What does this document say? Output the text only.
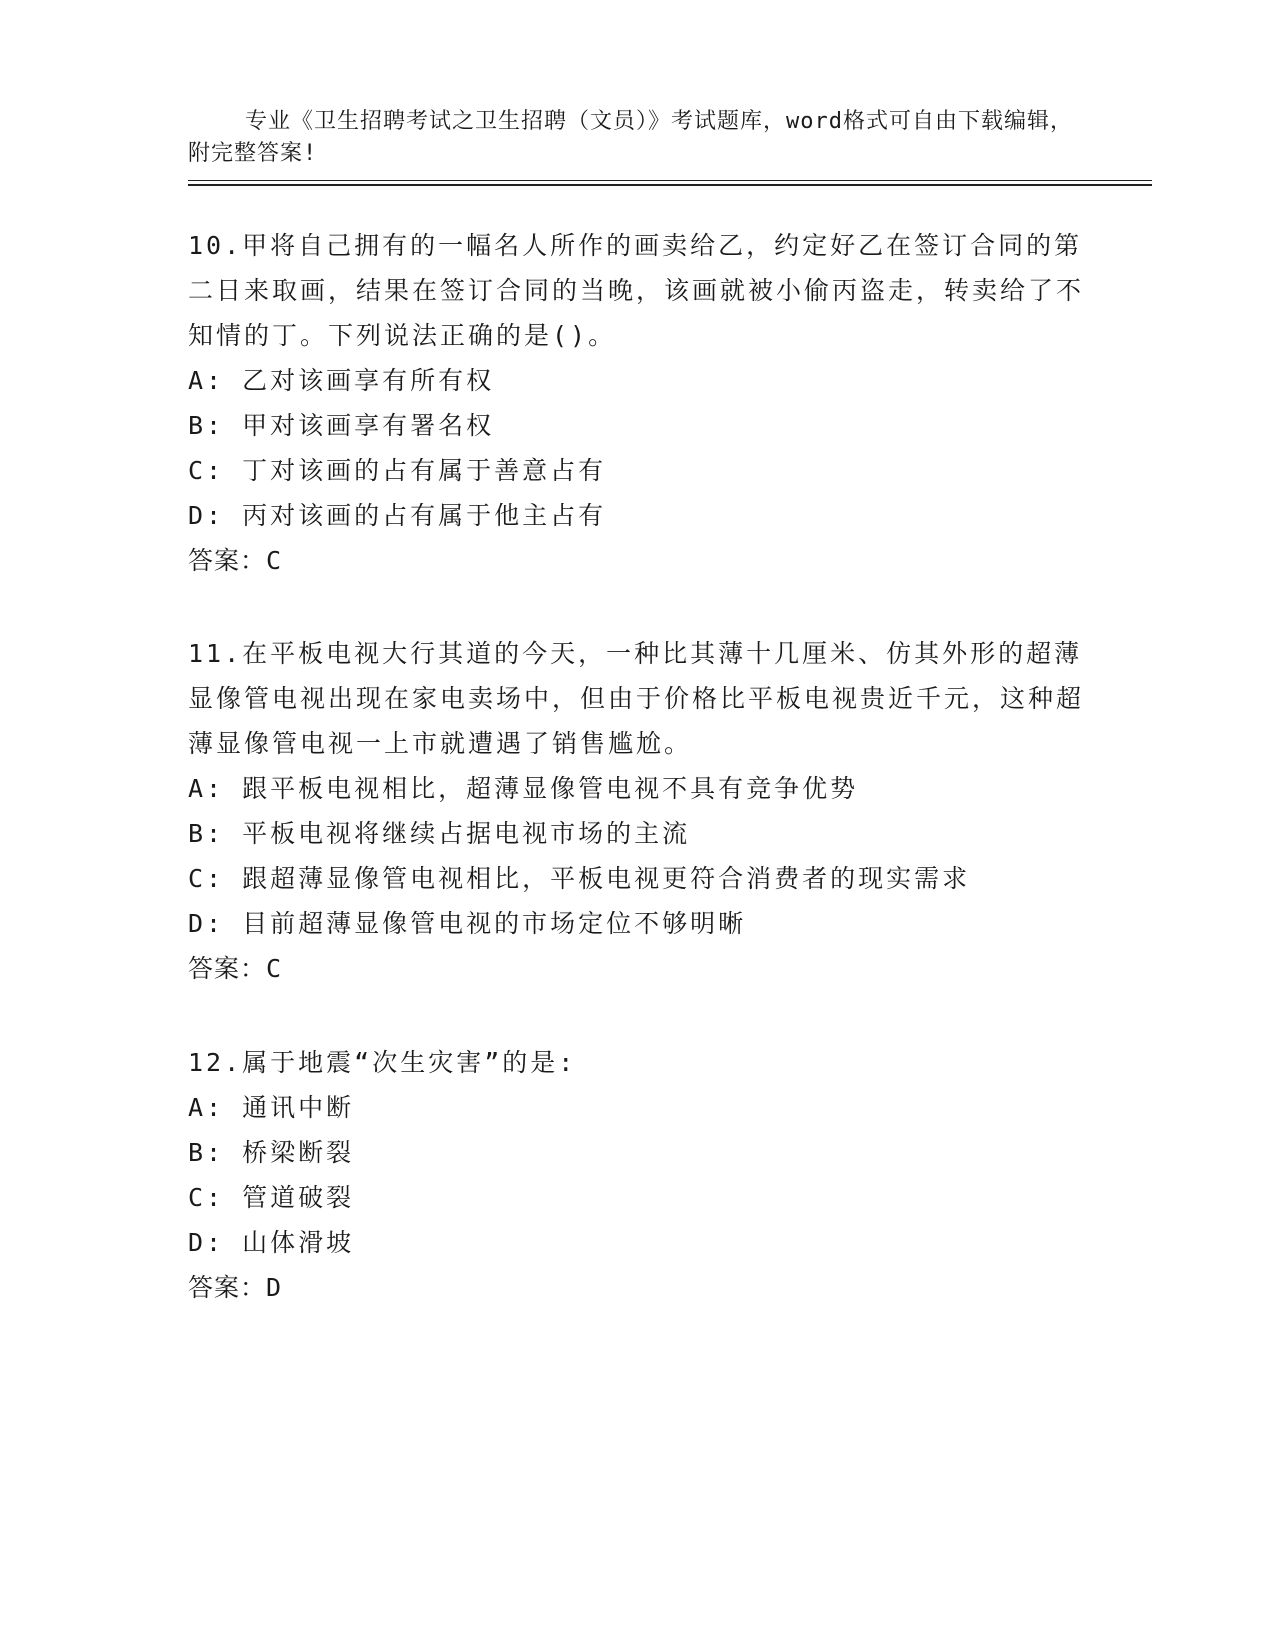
专业《卫生招聘考试之卫生招聘（文员）》考试题库，word格式可自由下载编辑，附完整答案!

10.甲将自己拥有的一幅名人所作的画卖给乙，约定好乙在签订合同的第二日来取画，结果在签订合同的当晚，该画就被小偷丙盗走，转卖给了不知情的丁。下列说法正确的是()。
A: 乙对该画享有所有权
B: 甲对该画享有署名权
C: 丁对该画的占有属于善意占有
D: 丙对该画的占有属于他主占有
答案：C
11.在平板电视大行其道的今天，一种比其薄十几厘米、仿其外形的超薄显像管电视出现在家电卖场中，但由于价格比平板电视贵近千元，这种超薄显像管电视一上市就遭遇了销售尴尬。
A: 跟平板电视相比，超薄显像管电视不具有竞争优势
B: 平板电视将继续占据电视市场的主流
C: 跟超薄显像管电视相比，平板电视更符合消费者的现实需求
D: 目前超薄显像管电视的市场定位不够明晰
答案：C
12.属于地震“次生灾害”的是:
A: 通讯中断
B: 桥梁断裂
C: 管道破裂
D: 山体滑坡
答案：D
